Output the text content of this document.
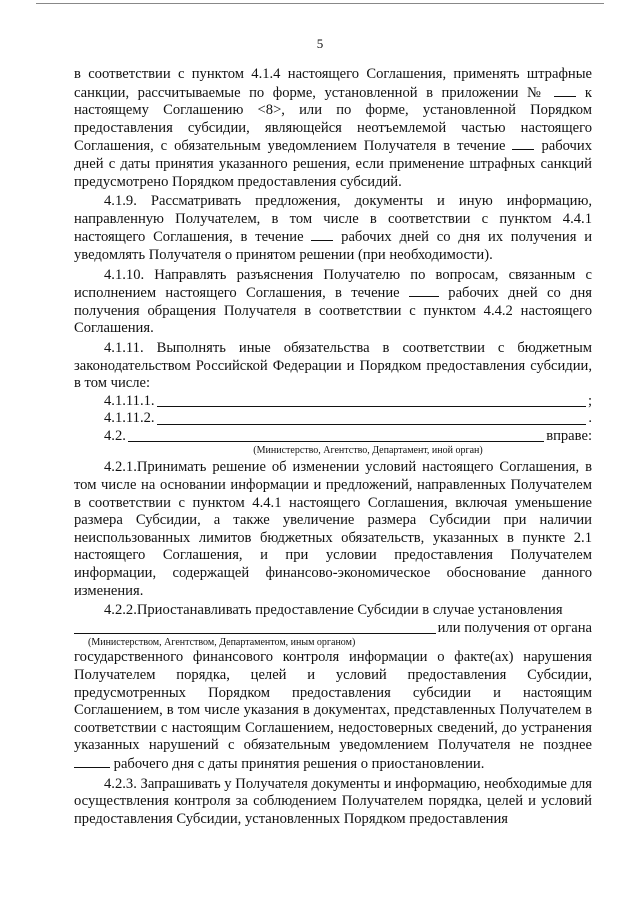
5

в соответствии с пунктом 4.1.4 настоящего Соглашения, применять штрафные санкции, рассчитываемые по форме, установленной в приложении №	к настоящему Соглашению <8>, или по форме, установленной Порядком предоставления субсидии, являющейся неотъемлемой частью настоящего Соглашения, с обязательным уведомлением Получателя в течение рабочих дней с даты принятия указанного решения, если применение штрафных санкций предусмотрено Порядком предоставления субсидий.

4.1.9. Рассматривать предложения, документы и иную информацию, направленную Получателем, в том числе в соответствии с пунктом 4.4.1 настоящего Соглашения, в течение	рабочих дней со дня их получения и уведомлять Получателя о принятом решении (при необходимости).

4.1.10. Направлять разъяснения Получателю по вопросам, связанным с исполнением настоящего Соглашения, в течение	рабочих дней со дня получения обращения Получателя в соответствии с пунктом 4.4.2 настоящего Соглашения.

4.1.11. Выполнять иные обязательства в соответствии с бюджетным законодательством Российской Федерации и Порядком предоставления субсидии, в том числе:

4.1.11.1.	;
4.1.11.2.	.
4.2.	вправе:
(Министерство, Агентство, Департамент, иной орган)

4.2.1.Принимать решение об изменении условий настоящего Соглашения, в том числе на основании информации и предложений, направленных Получателем в соответствии с пунктом 4.4.1 настоящего Соглашения, включая уменьшение размера Субсидии, а также увеличение размера Субсидии при наличии неиспользованных лимитов бюджетных обязательств, указанных в пункте 2.1 настоящего Соглашения, и при условии предоставления Получателем информации, содержащей финансово-экономическое обоснование данного изменения.

4.2.2.Приостанавливать предоставление Субсидии в случае установления

или получения от органа
(Министерством, Агентством, Департаментом, иным органом)

государственного финансового контроля информации о факте(ах) нарушения Получателем порядка, целей и условий предоставления Субсидии, предусмотренных Порядком предоставления субсидии и настоящим Соглашением, в том числе указания в документах, представленных Получателем в соответствии с настоящим Соглашением, недостоверных сведений, до устранения указанных нарушений с обязательным уведомлением Получателя не позднее  рабочего дня с даты принятия решения о приостановлении.

4.2.3. Запрашивать у Получателя документы и информацию, необходимые для осуществления контроля за соблюдением Получателем порядка, целей и условий предоставления Субсидии, установленных Порядком предоставления
